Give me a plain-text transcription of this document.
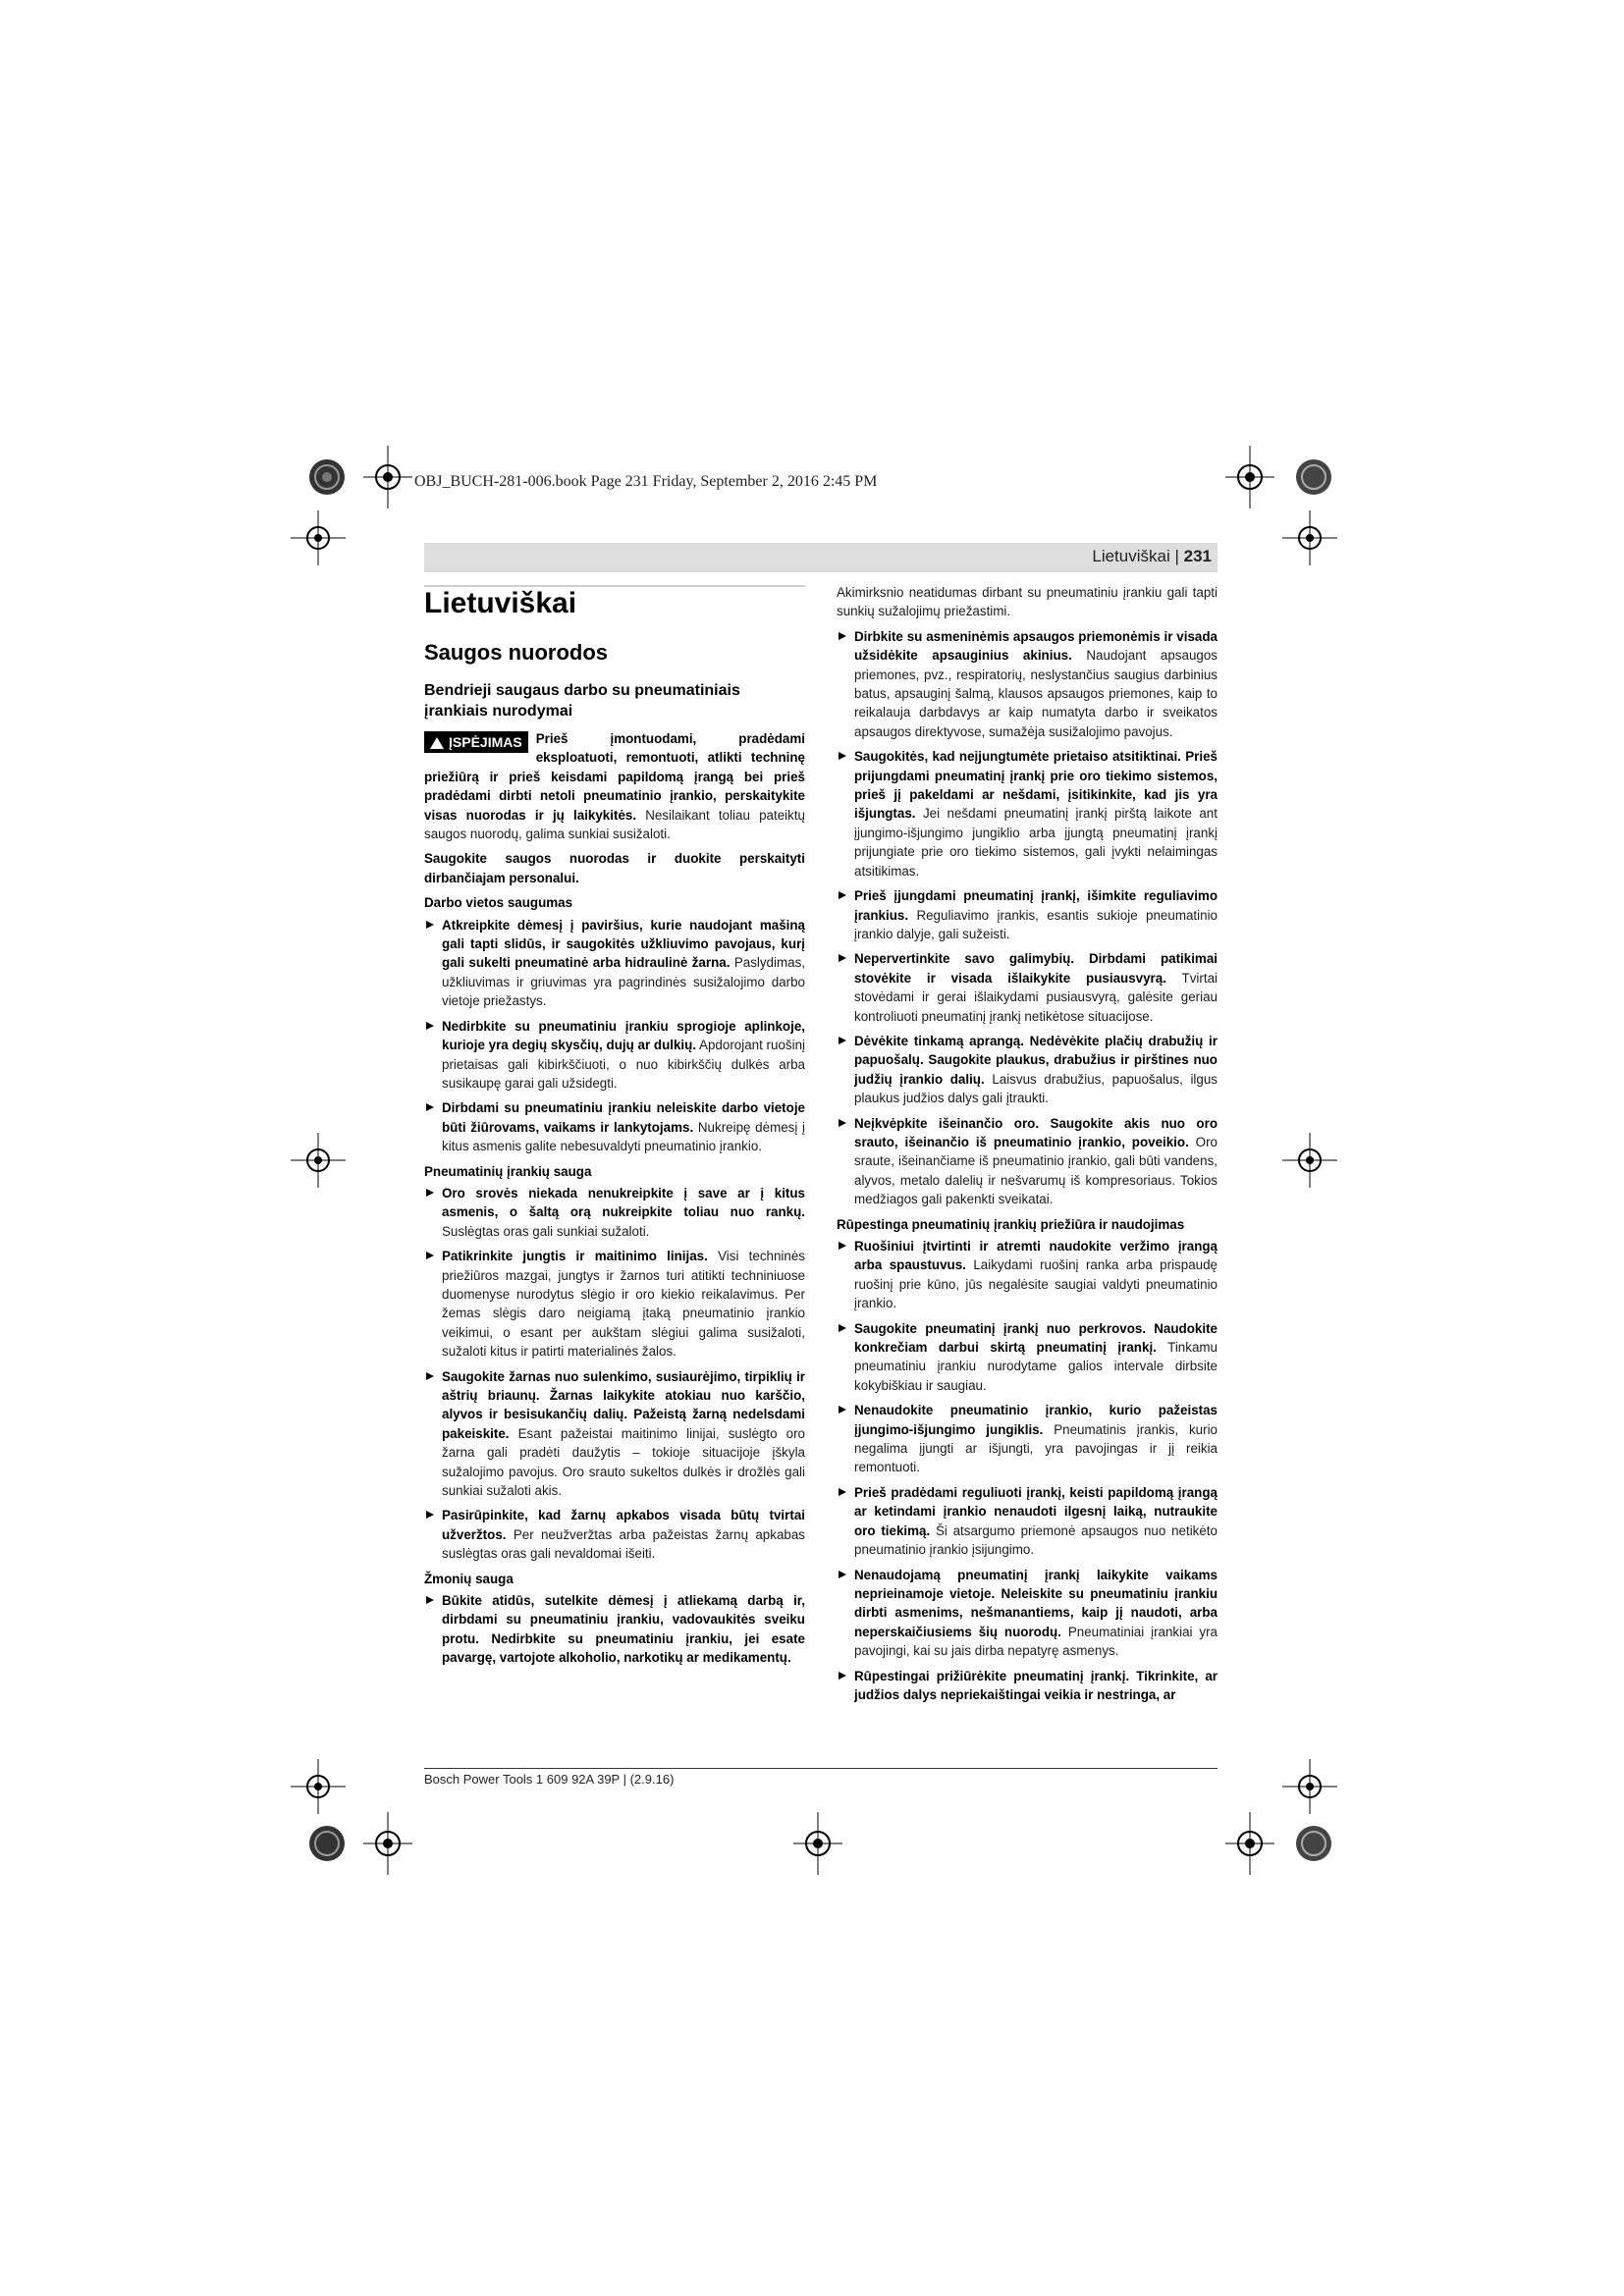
OBJ_BUCH-281-006.book Page 231 Friday, September 2, 2016 2:45 PM
Lietuviškai | 231
Lietuviškai
Saugos nuorodos
Bendrieji saugaus darbo su pneumatiniais įrankiais nurodymai

ĮSPĖJIMAS	Prieš įmontuodami, pradėdami eksploatuoti, remontuoti, atlikti techninę priežiūrą ir prieš keisdami papildomą įrangą bei prieš pradėdami dirbti netoli pneumatinio įrankio, perskaitykite visas nuorodas ir jų laikykitės. Nesilaikant toliau pateiktų saugos nuorodų, galima sunkiai susižaloti.

Saugokite saugos nuorodas ir duokite perskaityti dirbančiajam personalui.

Darbo vietos saugumas
Atkreipkite dėmesį į paviršius, kurie naudojant mašiną gali tapti slidūs, ir saugokitės užkliuvimo pavojaus, kurį gali sukelti pneumatinė arba hidraulinė žarna. Paslydimas, užkliuvimas ir griuvimas yra pagrindinės susižalojimo darbo vietoje priežastys.
Nedirbkite su pneumatiniu įrankiu sprogioje aplinkoje, kurioje yra degių skysčių, dujų ar dulkių. Apdorojant ruošinį prietaisas gali kibirkščiuoti, o nuo kibirkščių dulkės arba susikaupę garai gali užsidegti.
Dirbdami su pneumatiniu įrankiu neleiskite darbo vietoje būti žiūrovams, vaikams ir lankytojams. Nukreipę dėmesį į kitus asmenis galite nebesuvaldyti pneumatinio įrankio.
Pneumatinių įrankių sauga
Oro srovės niekada nenukreipkite į save ar į kitus asmenis, o šaltą orą nukreipkite toliau nuo rankų. Suslėgtas oras gali sunkiai sužaloti.
Patikrinkite jungtis ir maitinimo linijas. Visi techninės priežiūros mazgai, jungtys ir žarnos turi atitikti techniniuose duomenyse nurodytus slėgio ir oro kiekio reikalavimus. Per žemas slėgis daro neigiamą įtaką pneumatinio įrankio veikimui, o esant per aukštam slėgiui galima susižaloti, sužaloti kitus ir patirti materialinės žalos.
Saugokite žarnas nuo sulenkimo, susiaurėjimo, tirpiklių ir aštrių briaunų. Žarnas laikykite atokiau nuo karščio, alyvos ir besisukančių dalių. Pažeistą žarną nedelsdami pakeiskite. Esant pažeistai maitinimo linijai, suslėgto oro žarna gali pradėti daužytis – tokioje situacijoje įškyla sužalojimo pavojus. Oro srauto sukeltos dulkės ir drožlės gali sunkiai sužaloti akis.
Pasirūpinkite, kad žarnų apkabos visada būtų tvirtai užveržtos. Per neužveržtas arba pažeistas žarnų apkabas suslėgtas oras gali nevaldomai išeiti.
Žmonių sauga
Būkite atidūs, sutelkite dėmesį į atliekamą darbą ir, dirbdami su pneumatiniu įrankiu, vadovaukitės sveiku protu. Nedirbkite su pneumatiniu įrankiu, jei esate pavargę, vartojote alkoholio, narkotikų ar medikamentų.

Akimirksnio neatidumas dirbant su pneumatiniu įrankiu gali tapti sunkių sužalojimų priežastimi.

Dirbkite su asmeninėmis apsaugos priemonėmis ir visada užsidėkite apsauginius akinius. Naudojant apsaugos priemones, pvz., respiratorių, neslystančius saugius darbinius batus, apsauginį šalmą, klausos apsaugos priemones, kaip to reikalauja darbdavys ar kaip numatyta darbo ir sveikatos apsaugos direktyvose, sumažėja susižalojimo pavojus.
Saugokitės, kad neįjungtumėte prietaiso atsitiktinai. Prieš prijungdami pneumatinį įrankį prie oro tiekimo sistemos, prieš jį pakeldami ar nešdami, įsitikinkite, kad jis yra išjungtas. Jei nešdami pneumatinį įrankį pirštą laikote ant įjungimo-išjungimo jungiklio arba įjungtą pneumatinį įrankį prijungiate prie oro tiekimo sistemos, gali įvykti nelaimingas atsitikimas.
Prieš įjungdami pneumatinį įrankį, išimkite reguliavimo įrankius. Reguliavimo įrankis, esantis sukioje pneumatinio įrankio dalyje, gali sužeisti.
Nepervertinkite savo galimybių. Dirbdami patikimai stovėkite ir visada išlaikykite pusiausvyrą. Tvirtai stovėdami ir gerai išlaikydami pusiausvyrą, galėsite geriau kontroliuoti pneumatinį įrankį netikėtose situacijose.
Dėvėkite tinkamą aprangą. Nedėvėkite plačių drabužių ir papuošalų. Saugokite plaukus, drabužius ir pirštines nuo judžių įrankio dalių. Laisvus drabužius, papuošalus, ilgus plaukus judžios dalys gali įtraukti.
Neįkvėpkite išeinančio oro. Saugokite akis nuo oro srauto, išeinančio iš pneumatinio įrankio, poveikio. Oro sraute, išeinančiame iš pneumatinio įrankio, gali būti vandens, alyvos, metalo dalelių ir nešvarumų iš kompresoriaus. Tokios medžiagos gali pakenkti sveikatai.
Rūpestinga pneumatinių įrankių priežiūra ir naudojimas
Ruošiniui įtvirtinti ir atremti naudokite veržimo įrangą arba spaustuvus. Laikydami ruošinį ranka arba prispaudę ruošinį prie kūno, jūs negalėsite saugiai valdyti pneumatinio įrankio.
Saugokite pneumatinį įrankį nuo perkrovos. Naudokite konkrečiam darbui skirtą pneumatinį įrankį. Tinkamu pneumatiniu įrankiu nurodytame galios intervale dirbsite kokybiškiau ir saugiau.
Nenaudokite pneumatinio įrankio, kurio pažeistas įjungimo-išjungimo jungiklis. Pneumatinis įrankis, kurio negalima įjungti ar išjungti, yra pavojingas ir jį reikia remontuoti.
Prieš pradėdami reguliuoti įrankį, keisti papildomą įrangą ar ketindami įrankio nenaudoti ilgesnį laiką, nutraukite oro tiekimą. Ši atsargumo priemonė apsaugos nuo netikėto pneumatinio įrankio įsijungimo.
Nenaudojamą pneumatinį įrankį laikykite vaikams neprieinamoje vietoje. Neleiskite su pneumatiniu įrankiu dirbti asmenims, nešmanantiems, kaip jį naudoti, arba neperskaičiusiems šių nuorodų. Pneumatiniai įrankiai yra pavojingi, kai su jais dirba nepatyrę asmenys.
Rūpestingai prižiūrėkite pneumatinį įrankį. Tikrinkite, ar judžios dalys nepriekaištingai veikia ir nestringa, ar
Bosch Power Tools 1 609 92A 39P | (2.9.16)
